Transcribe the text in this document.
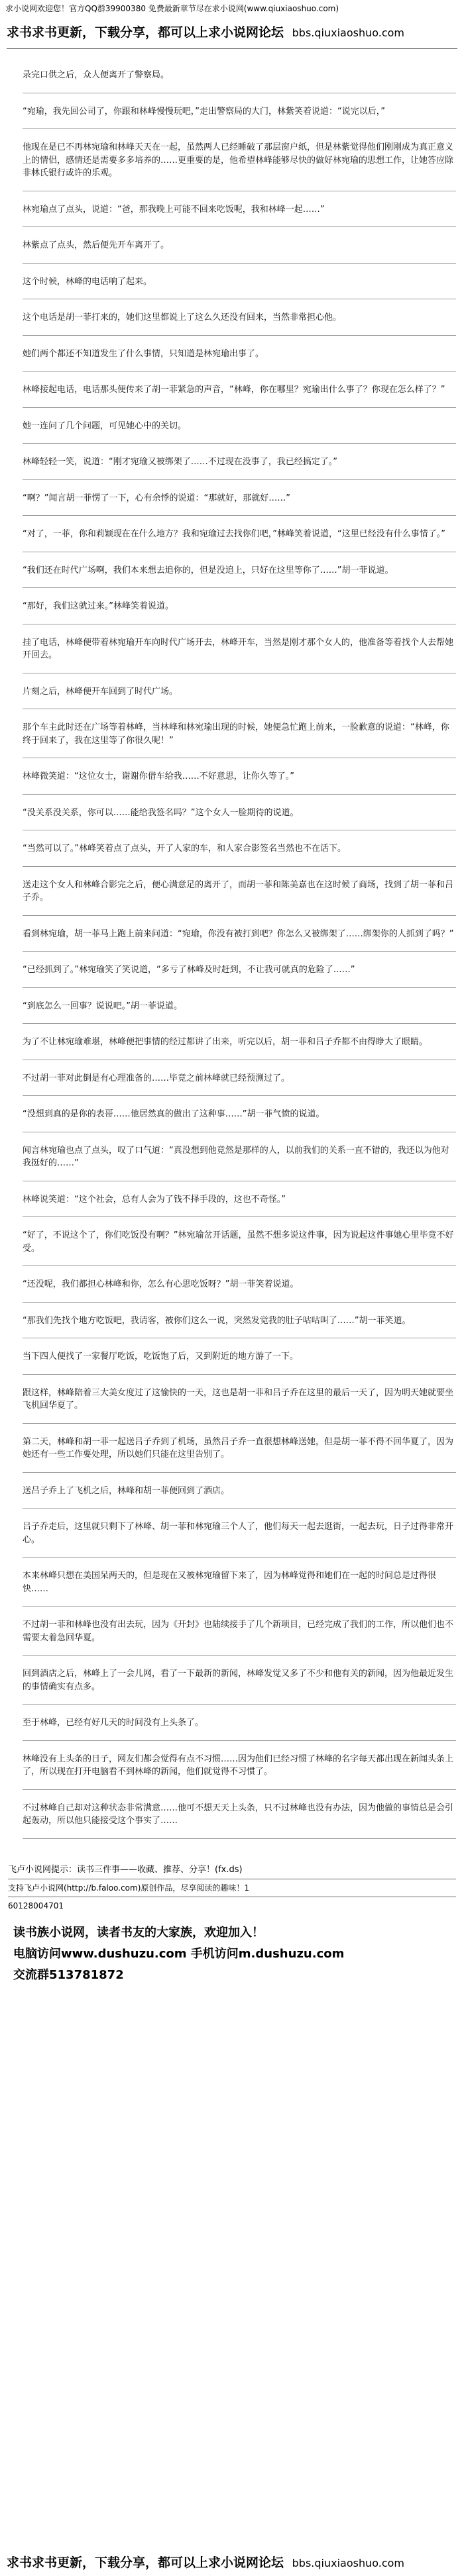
求小说网欢迎您！官方QQ群39900380 免费最新章节尽在求小说网(www.qiuxiaoshuo.com)
求书求书更新，下载分享，都可以上求小说网论坛 bbs.qiuxiaoshuo.com

录完口供之后，众人便离开了警察局。

“宛瑜，我先回公司了，你跟和林峰慢慢玩吧，”走出警察局的大门，林紫笑着说道：“说完以后，”

他现在是已不再林宛瑜和林峰天天在一起，虽然两人已经睡破了那层窗户纸，但是林紫觉得他们刚刚成为真正意义上的情侣，感情还是需要多多培养的……更重要的是，他希望林峰能够尽快的做好林宛瑜的思想工作，让她答应除非林氏银行或许的乐观。

林宛瑜点了点头，说道：“爸，那我晚上可能不回来吃饭呢，我和林峰一起……”

林紫点了点头，然后便先开车离开了。

这个时候，林峰的电话响了起来。

这个电话是胡一菲打来的，她们这里都说上了这么久还没有回来，当然非常担心他。

她们两个都还不知道发生了什么事情，只知道是林宛瑜出事了。

林峰接起电话，电话那头便传来了胡一菲紧急的声音，“林峰，你在哪里？宛瑜出什么事了？你现在怎么样了？”

她一连问了几个问题，可见她心中的关切。

林峰轻轻一笑，说道：“刚才宛瑜又被绑架了……不过现在没事了，我已经搞定了。”

“啊？”闻言胡一菲愣了一下，心有余悸的说道：“那就好，那就好……”

“对了，一菲，你和莉颖现在在什么地方？我和宛瑜过去找你们吧，”林峰笑着说道，“这里已经没有什么事情了。”

“我们还在时代广场啊，我们本来想去追你的，但是没追上，只好在这里等你了……”胡一菲说道。

“那好，我们这就过来。”林峰笑着说道。

挂了电话，林峰便带着林宛瑜开车向时代广场开去，林峰开车，当然是刚才那个女人的，他准备等着找个人去帮她开回去。

片刻之后，林峰便开车回到了时代广场。

那个车主此时还在广场等着林峰，当林峰和林宛瑜出现的时候，她便急忙跑上前来，一脸歉意的说道：“林峰，你终于回来了，我在这里等了你很久呢！”

林峰微笑道：“这位女士，谢谢你借车给我……不好意思，让你久等了。”

“没关系没关系，你可以……能给我签名吗？”这个女人一脸期待的说道。

“当然可以了。”林峰笑着点了点头，开了人家的车，和人家合影签名当然也不在话下。

送走这个女人和林峰合影完之后，便心满意足的离开了，而胡一菲和陈美嘉也在这时候了商场，找到了胡一菲和吕子乔。

看到林宛瑜，胡一菲马上跑上前来问道：“宛瑜，你没有被打到吧？你怎么又被绑架了……绑架你的人抓到了吗？”

“已经抓到了。”林宛瑜笑了笑说道，“多亏了林峰及时赶到，不让我可就真的危险了……”

“到底怎么一回事？说说吧。”胡一菲说道。

为了不让林宛瑜难堪，林峰便把事情的经过都讲了出来，听完以后，胡一菲和吕子乔都不由得睁大了眼睛。

不过胡一菲对此倒是有心理准备的……毕竟之前林峰就已经预测过了。

“没想到真的是你的表哥……他居然真的做出了这种事……”胡一菲气愤的说道。

闻言林宛瑜也点了点头，叹了口气道：“真没想到他竟然是那样的人，以前我们的关系一直不错的，我还以为他对我挺好的……”

林峰说笑道：“这个社会，总有人会为了钱不择手段的，这也不奇怪。”

“好了，不说这个了，你们吃饭没有啊？”林宛瑜岔开话题，虽然不想多说这件事，因为说起这件事她心里毕竟不好受。

“还没呢，我们都担心林峰和你，怎么有心思吃饭呀？”胡一菲笑着说道。

“那我们先找个地方吃饭吧，我请客，被你们这么一说，突然发觉我的肚子咕咕叫了……”胡一菲笑道。

当下四人便找了一家餐厅吃饭，吃饭饱了后，又到附近的地方游了一下。

跟这样，林峰陪着三大美女度过了这愉快的一天，这也是胡一菲和吕子乔在这里的最后一天了，因为明天她就要坐飞机回华夏了。

第二天，林峰和胡一菲一起送吕子乔到了机场，虽然吕子乔一直很想林峰送她，但是胡一菲不得不回华夏了，因为她还有一些工作要处理，所以她们只能在这里告别了。

送吕子乔上了飞机之后，林峰和胡一菲便回到了酒店。

吕子乔走后，这里就只剩下了林峰、胡一菲和林宛瑜三个人了，他们每天一起去逛街，一起去玩，日子过得非常开心。

本来林峰只想在美国呆两天的，但是现在又被林宛瑜留下来了，因为林峰觉得和她们在一起的时间总是过得很快……

不过胡一菲和林峰也没有出去玩，因为《开封》也陆续接手了几个新项目，已经完成了我们的工作，所以他们也不需要太着急回华夏。

回到酒店之后，林峰上了一会儿网，看了一下最新的新闻，林峰发觉又多了不少和他有关的新闻，因为他最近发生的事情确实有点多。

至于林峰，已经有好几天的时间没有上头条了。

林峰没有上头条的日子，网友们都会觉得有点不习惯……因为他们已经习惯了林峰的名字每天都出现在新闻头条上了，所以现在打开电脑看不到林峰的新闻，他们就觉得不习惯了。

不过林峰自己却对这种状态非常满意……他可不想天天上头条，只不过林峰也没有办法，因为他做的事情总是会引起轰动，所以他只能接受这个事实了……

飞卢小说网提示：读书三件事——收藏、推荐、分享！(fx.ds)
支持飞卢小说网(http://b.faloo.com)原创作品，尽享阅读的趣味！1
60128004701
读书族小说网，读者书友的大家族，欢迎加入！
电脑访问www.dushuzu.com 手机访问m.dushuzu.com
交流群513781872
求书求书更新，下载分享，都可以上求小说网论坛 bbs.qiuxiaoshuo.com
